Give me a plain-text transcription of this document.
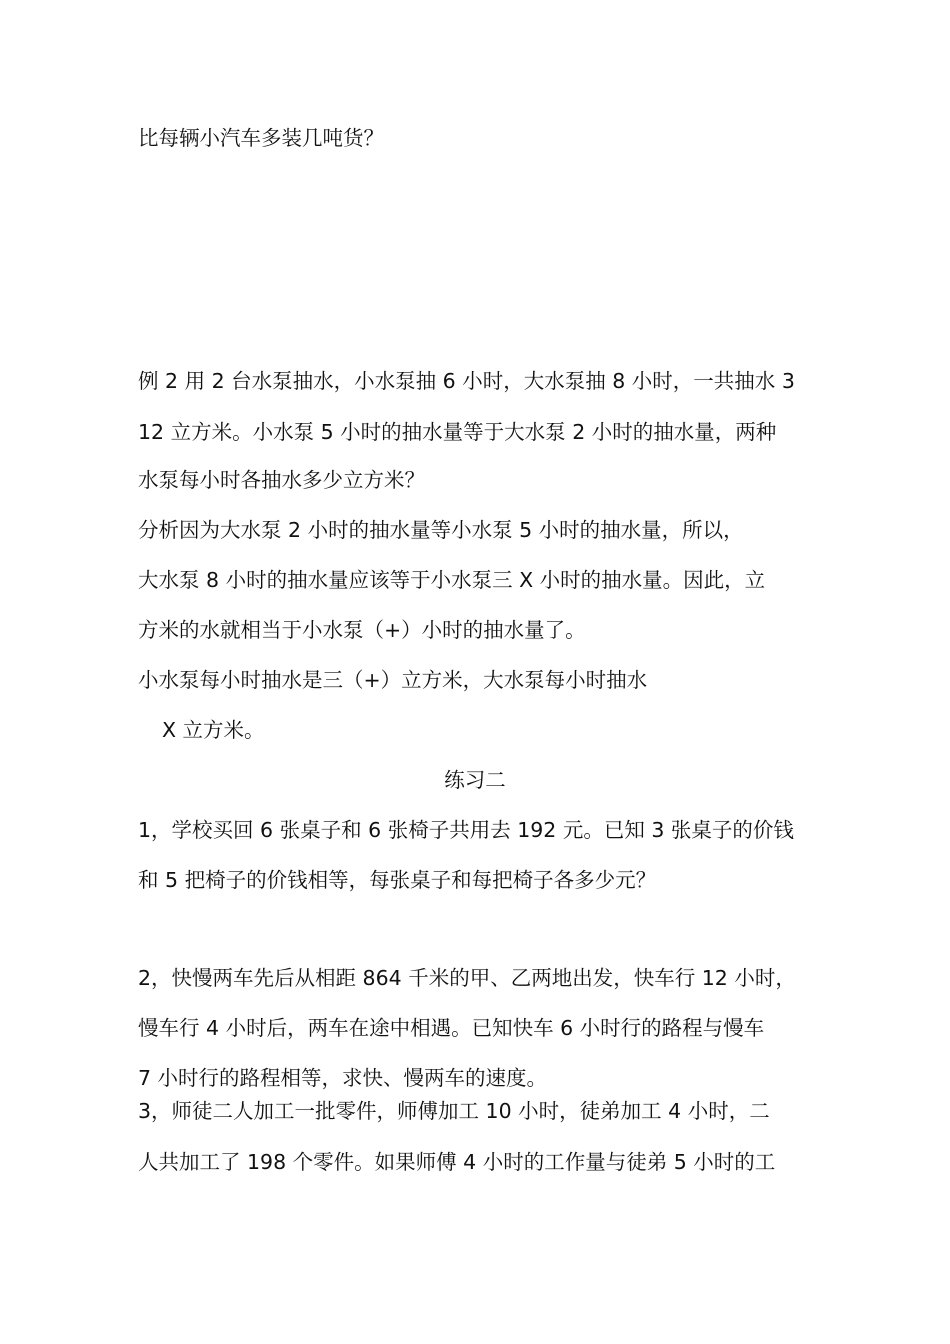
比每辆小汽车多装几吨货？
例 2 用 2 台水泵抽水，小水泵抽 6 小时，大水泵抽 8 小时，一共抽水 3
12 立方米。小水泵 5 小时的抽水量等于大水泵 2 小时的抽水量，两种
水泵每小时各抽水多少立方米？
分析因为大水泵 2 小时的抽水量等小水泵 5 小时的抽水量，所以，
大水泵 8 小时的抽水量应该等于小水泵三 X 小时的抽水量。因此，立
方米的水就相当于小水泵（+）小时的抽水量了。
小水泵每小时抽水是三（+）立方米，大水泵每小时抽水
X 立方米。
练习二
1，学校买回 6 张桌子和 6 张椅子共用去 192 元。已知 3 张桌子的价钱
和 5 把椅子的价钱相等，每张桌子和每把椅子各多少元？
2，快慢两车先后从相距 864 千米的甲、乙两地出发，快车行 12 小时，
慢车行 4 小时后，两车在途中相遇。已知快车 6 小时行的路程与慢车
7 小时行的路程相等，求快、慢两车的速度。
3，师徒二人加工一批零件，师傅加工 10 小时，徒弟加工 4 小时，二
人共加工了 198 个零件。如果师傅 4 小时的工作量与徒弟 5 小时的工
